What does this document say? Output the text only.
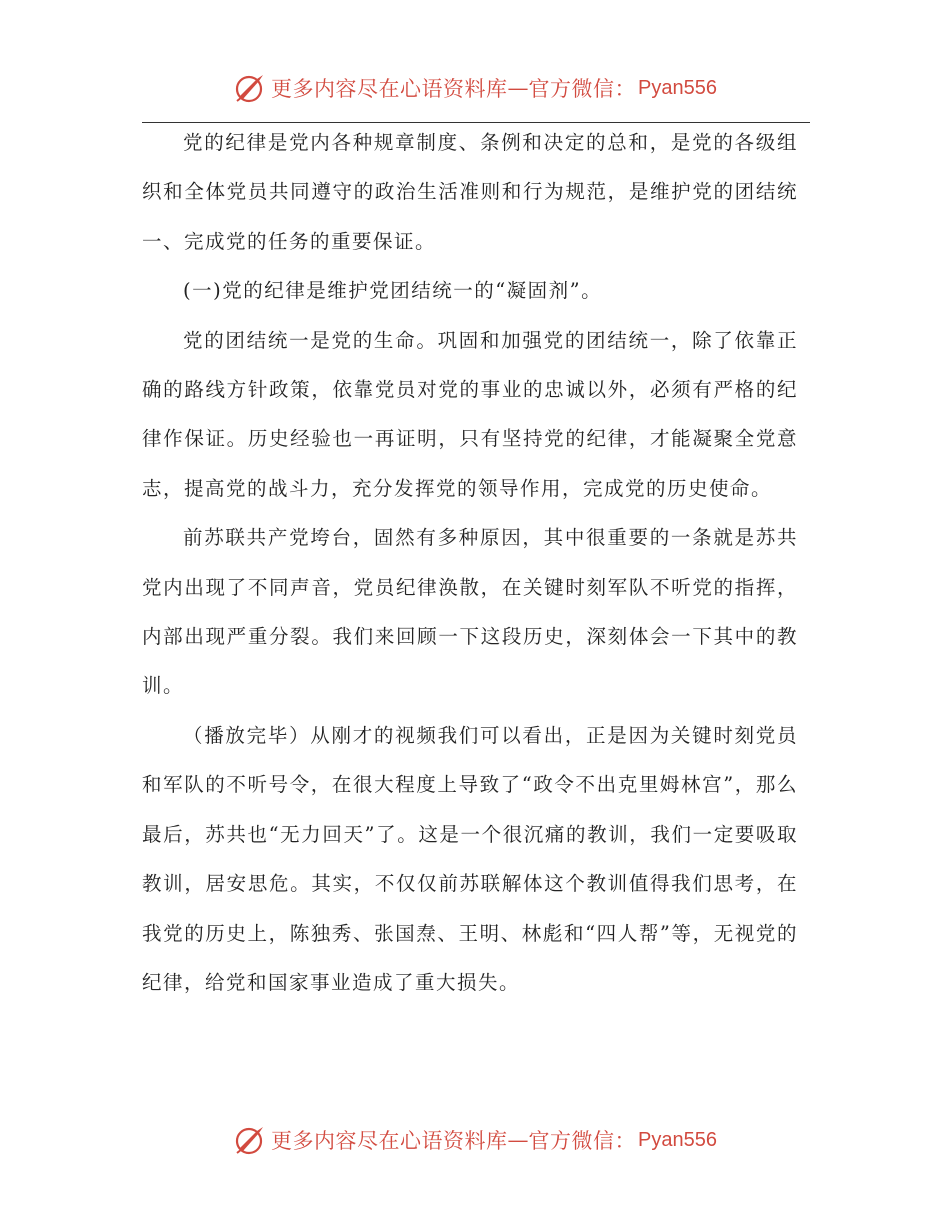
更多内容尽在心语资料库 — 官方微信： Pyan556

党的纪律是党内各种规章制度、条例和决定的总和，是党的各级组织和全体党员共同遵守的政治生活准则和行为规范，是维护党的团结统一、完成党的任务的重要保证。

(一)党的纪律是维护党团结统一的“凝固剂”。

党的团结统一是党的生命。巩固和加强党的团结统一，除了依靠正确的路线方针政策，依靠党员对党的事业的忠诚以外，必须有严格的纪律作保证。历史经验也一再证明，只有坚持党的纪律，才能凝聚全党意志，提高党的战斗力，充分发挥党的领导作用，完成党的历史使命。

前苏联共产党垮台，固然有多种原因，其中很重要的一条就是苏共党内出现了不同声音，党员纪律涣散，在关键时刻军队不听党的指挥，内部出现严重分裂。我们来回顾一下这段历史，深刻体会一下其中的教训。

（播放完毕）从刚才的视频我们可以看出，正是因为关键时刻党员和军队的不听号令，在很大程度上导致了“政令不出克里姆林宫”，那么最后，苏共也“无力回天”了。这是一个很沉痛的教训，我们一定要吸取教训，居安思危。其实，不仅仅前苏联解体这个教训值得我们思考，在我党的历史上，陈独秀、张国焘、王明、林彪和“四人帮”等，无视党的纪律，给党和国家事业造成了重大损失。

更多内容尽在心语资料库 — 官方微信： Pyan556
